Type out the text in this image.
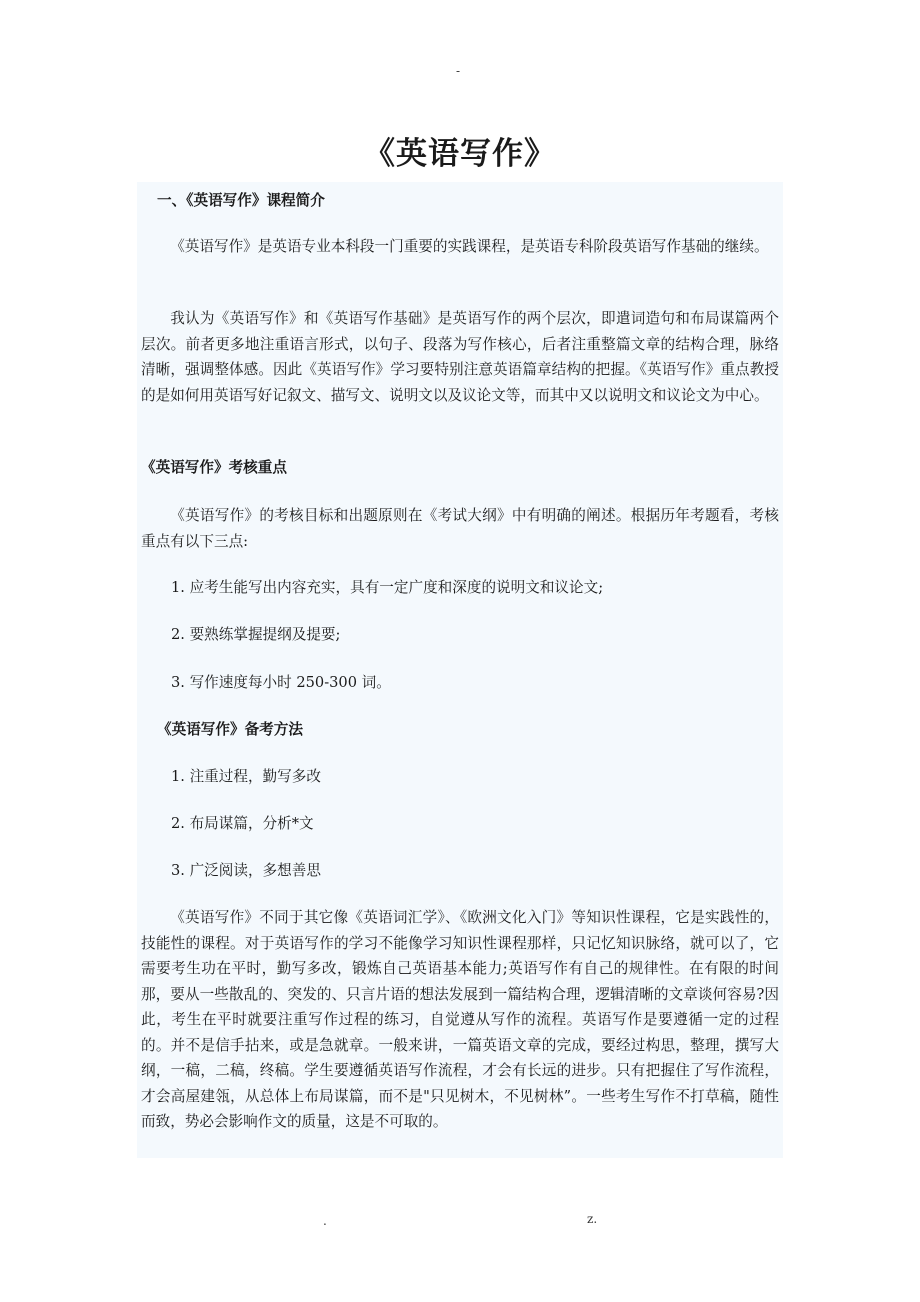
-
《英语写作》

一、《英语写作》课程简介

《英语写作》是英语专业本科段一门重要的实践课程，是英语专科阶段英语写作基础的继续。

我认为《英语写作》和《英语写作基础》是英语写作的两个层次，即遣词造句和布局谋篇两个层次。前者更多地注重语言形式，以句子、段落为写作核心，后者注重整篇文章的结构合理，脉络清晰，强调整体感。因此《英语写作》学习要特别注意英语篇章结构的把握。《英语写作》重点教授的是如何用英语写好记叙文、描写文、说明文以及议论文等，而其中又以说明文和议论文为中心。

《英语写作》考核重点

《英语写作》的考核目标和出题原则在《考试大纲》中有明确的阐述。根据历年考题看，考核重点有以下三点:

1. 应考生能写出内容充实，具有一定广度和深度的说明文和议论文;

2. 要熟练掌握提纲及提要;

3. 写作速度每小时 250-300 词。

《英语写作》备考方法

1. 注重过程，勤写多改

2. 布局谋篇，分析*文

3. 广泛阅读，多想善思

《英语写作》不同于其它像《英语词汇学》、《欧洲文化入门》等知识性课程，它是实践性的，技能性的课程。对于英语写作的学习不能像学习知识性课程那样，只记忆知识脉络，就可以了，它需要考生功在平时，勤写多改，锻炼自己英语基本能力;英语写作有自己的规律性。在有限的时间那，要从一些散乱的、突发的、只言片语的想法发展到一篇结构合理，逻辑清晰的文章谈何容易?因此，考生在平时就要注重写作过程的练习，自觉遵从写作的流程。英语写作是要遵循一定的过程的。并不是信手拈来，或是急就章。一般来讲，一篇英语文章的完成，要经过构思，整理，撰写大纲，一稿，二稿，终稿。学生要遵循英语写作流程，才会有长远的进步。只有把握住了写作流程，才会高屋建瓴，从总体上布局谋篇，而不是"只见树木，不见树林”。一些考生写作不打草稿，随性而致，势必会影响作文的质量，这是不可取的。

.	z.
